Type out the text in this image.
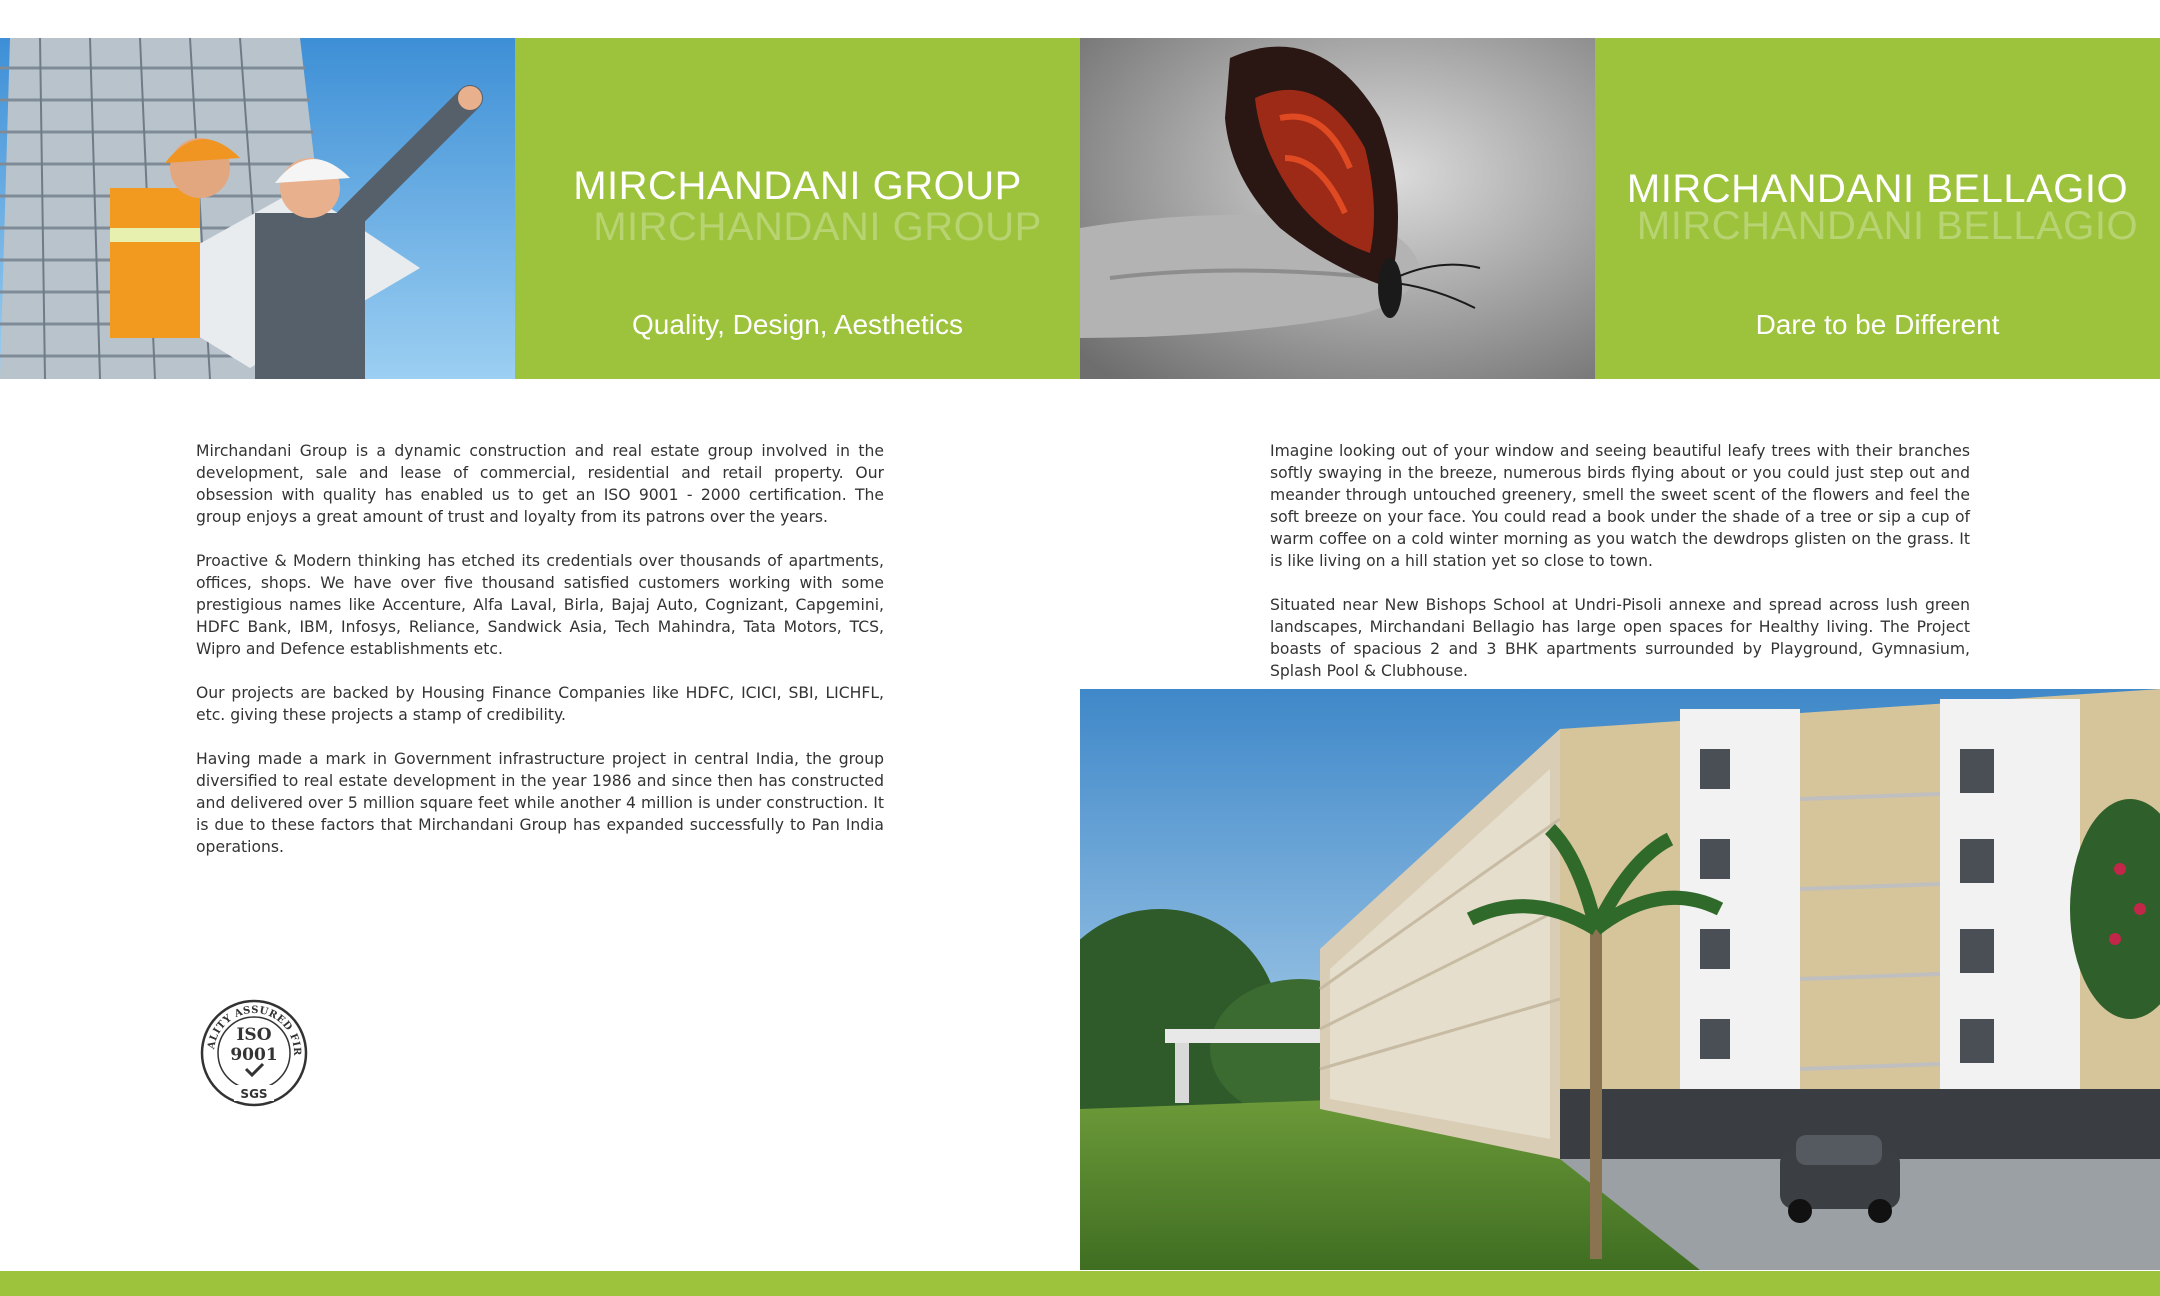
MIRCHANDANI GROUP
MIRCHANDANI GROUP
Quality, Design, Aesthetics
MIRCHANDANI BELLAGIO
MIRCHANDANI BELLAGIO
Dare to be Different

Mirchandani Group is a dynamic construction and real estate group involved in the development, sale and lease of commercial, residential and retail property. Our obsession with quality has enabled us to get an ISO 9001 - 2000 certification. The group enjoys a great amount of trust and loyalty from its patrons over the years.

Proactive & Modern thinking has etched its credentials over thousands of apartments, offices, shops. We have over five thousand satisfied customers working with some prestigious names like Accenture, Alfa Laval, Birla, Bajaj Auto, Cognizant, Capgemini, HDFC Bank, IBM, Infosys, Reliance, Sandwick Asia, Tech Mahindra, Tata Motors, TCS, Wipro and Defence establishments etc.

Our projects are backed by Housing Finance Companies like HDFC, ICICI, SBI, LICHFL, etc. giving these projects a stamp of credibility.

Having made a mark in Government infrastructure project in central India, the group diversified to real estate development in the year 1986 and since then has constructed and delivered over 5 million square feet while another 4 million is under construction. It is due to these factors that Mirchandani Group has expanded successfully to Pan India operations.

ALITY ASSURED FIR
ISO
9001
SGS

Imagine looking out of your window and seeing beautiful leafy trees with their branches softly swaying in the breeze, numerous birds flying about or you could just step out and meander through untouched greenery, smell the sweet scent of the flowers and feel the soft breeze on your face. You could read a book under the shade of a tree or sip a cup of warm coffee on a cold winter morning as you watch the dewdrops glisten on the grass. It is like living on a hill station yet so close to town.

Situated near New Bishops School at Undri-Pisoli annexe and spread across lush green landscapes, Mirchandani Bellagio has large open spaces for Healthy living. The Project boasts of spacious 2 and 3 BHK apartments surrounded by Playground, Gymnasium, Splash Pool & Clubhouse.
